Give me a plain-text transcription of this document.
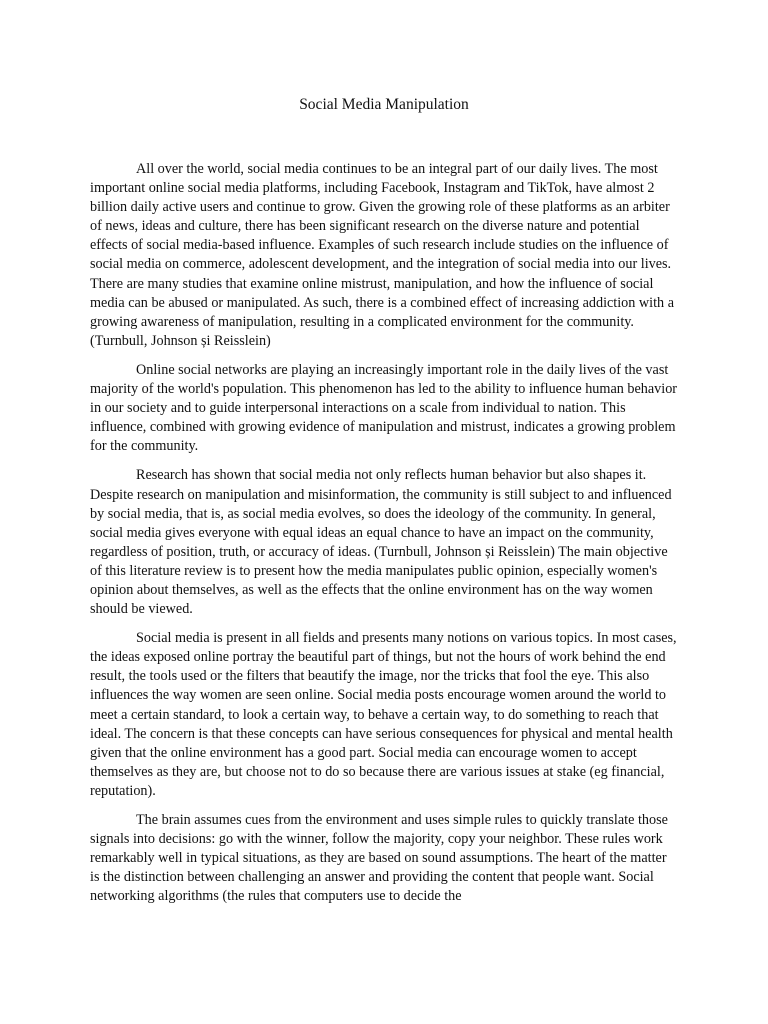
Social Media Manipulation

All over the world, social media continues to be an integral part of our daily lives. The most important online social media platforms, including Facebook, Instagram and TikTok, have almost 2 billion daily active users and continue to grow. Given the growing role of these platforms as an arbiter of news, ideas and culture, there has been significant research on the diverse nature and potential effects of social media-based influence. Examples of such research include studies on the influence of social media on commerce, adolescent development, and the integration of social media into our lives. There are many studies that examine online mistrust, manipulation, and how the influence of social media can be abused or manipulated. As such, there is a combined effect of increasing addiction with a growing awareness of manipulation, resulting in a complicated environment for the community. (Turnbull, Johnson și Reisslein)

Online social networks are playing an increasingly important role in the daily lives of the vast majority of the world's population. This phenomenon has led to the ability to influence human behavior in our society and to guide interpersonal interactions on a scale from individual to nation. This influence, combined with growing evidence of manipulation and mistrust, indicates a growing problem for the community.

Research has shown that social media not only reflects human behavior but also shapes it. Despite research on manipulation and misinformation, the community is still subject to and influenced by social media, that is, as social media evolves, so does the ideology of the community. In general, social media gives everyone with equal ideas an equal chance to have an impact on the community, regardless of position, truth, or accuracy of ideas. (Turnbull, Johnson și Reisslein) The main objective of this literature review is to present how the media manipulates public opinion, especially women's opinion about themselves, as well as the effects that the online environment has on the way women should be viewed.

Social media is present in all fields and presents many notions on various topics. In most cases, the ideas exposed online portray the beautiful part of things, but not the hours of work behind the end result, the tools used or the filters that beautify the image, nor the tricks that fool the eye. This also influences the way women are seen online. Social media posts encourage women around the world to meet a certain standard, to look a certain way, to behave a certain way, to do something to reach that ideal. The concern is that these concepts can have serious consequences for physical and mental health given that the online environment has a good part. Social media can encourage women to accept themselves as they are, but choose not to do so because there are various issues at stake (eg financial, reputation).

The brain assumes cues from the environment and uses simple rules to quickly translate those signals into decisions: go with the winner, follow the majority, copy your neighbor. These rules work remarkably well in typical situations, as they are based on sound assumptions. The heart of the matter is the distinction between challenging an answer and providing the content that people want. Social networking algorithms (the rules that computers use to decide the
